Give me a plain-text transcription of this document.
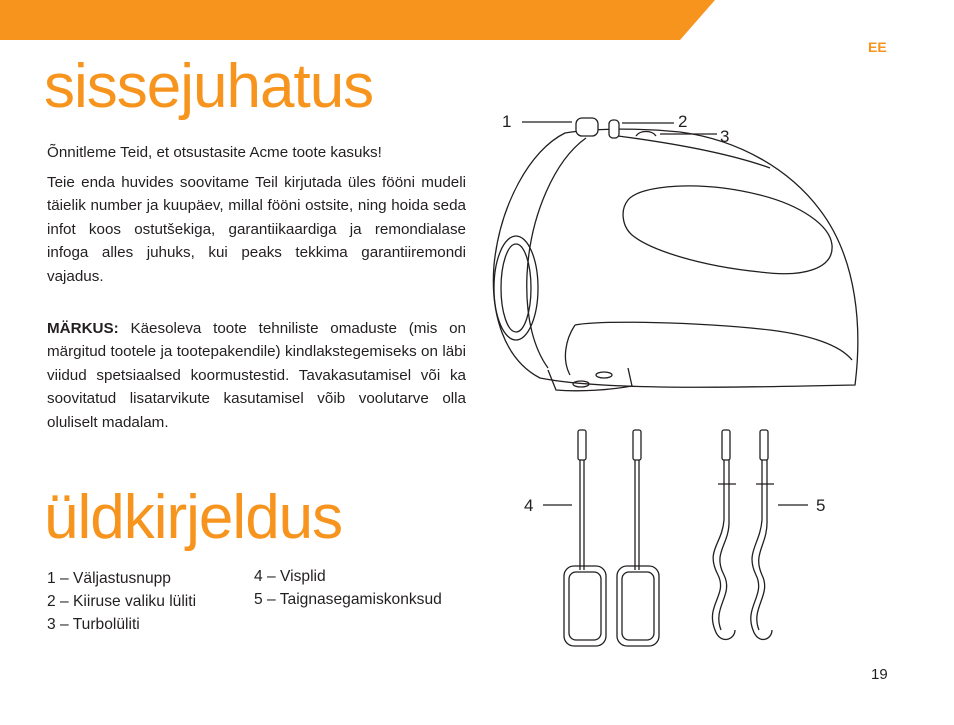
EE
sissejuhatus

Õnnitleme Teid, et otsustasite Acme toote kasuks!

Teie enda huvides soovitame Teil kirjutada üles fööni mudeli täielik number ja kuupäev, millal fööni ostsite, ning hoida seda infot koos ostutšekiga, garantiikaardiga ja remondialase infoga alles juhuks, kui peaks tekkima garantiiremondi vajadus.

MÄRKUS: Käesoleva toote tehniliste omaduste (mis on märgitud tootele ja tootepakendile) kindlakstegemiseks on läbi viidud spetsiaalsed koormustestid. Tavakasutamisel või ka soovitatud lisatarvikute kasutamisel võib voolutarve olla oluliselt madalam.

üldkirjeldus
1 – Väljastusnupp
2 – Kiiruse valiku lüliti
3 – Turbolüliti
4 – Visplid
5 – Taignasegamiskonksud
1	2
3
4	5
19
